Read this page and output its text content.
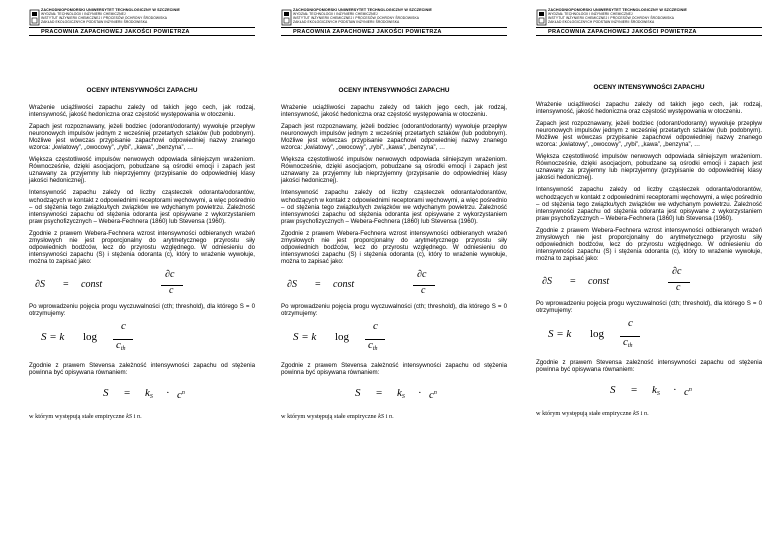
ZACHODNIOPOMORSKI UNIWERSYTET TECHNOLOGICZNY W SZCZECINIE
WYDZIAŁ TECHNOLOGII I INŻYNIERII CHEMICZNEJ
INSTYTUT INŻYNIERII CHEMICZNEJ I PROCESÓW OCHRONY ŚRODOWISKA
ZAKŁAD EKOLOGICZNYCH PODSTAW INŻYNIERII ŚRODOWISKA
PRACOWNIA ZAPACHOWEJ JAKOŚCI POWIETRZA
OCENY INTENSYWNOŚCI ZAPACHU

Wrażenie uciążliwości zapachu zależy od takich jego cech, jak rodzaj, intensywność, jakość hedoniczna oraz częstość występowania w otoczeniu.

Zapach jest rozpoznawany, jeżeli bodziec (odorant/odoranty) wywołuje przepływ neuronowych impulsów jednym z wcześniej przetartych szlaków (lub podobnym). Możliwe jest wówczas przypisanie zapachowi odpowiedniej nazwy znanego wzorca: „kwiatowy”, „owocowy”, „rybi”, „kawa”, „benzyna”, …

Większa częstotliwość impulsów nerwowych odpowiada silniejszym wrażeniom. Równocześnie, dzięki asocjacjom, pobudzane są ośrodki emocji i zapach jest uznawany za przyjemny lub nieprzyjemny (przypisanie do odpowiedniej klasy jakości hedonicznej).

Intensywność zapachu zależy od liczby cząsteczek odoranta/odorantów, wchodzących w kontakt z odpowiednimi receptorami węchowymi, a więc pośrednio – od stężenia tego związku/tych związków we wdychanym powietrzu. Zależność intensywności zapachu od stężenia odoranta jest opisywane z wykorzystaniem praw psychofizycznych – Webera-Fechnera (1860) lub Stevensa (1960).

Zgodnie z prawem Webera-Fechnera wzrost intensywności odbieranych wrażeń zmysłowych nie jest proporcjonalny do arytmetycznego przyrostu siły odpowiednich bodźców, lecz do przyrostu względnego. W odniesieniu do intensywności zapachu (S) i stężenia odoranta (c), który to wrażenie wywołuje, można to zapisać jako:

∂S = const
∂c
c

Po wprowadzeniu pojęcia progu wyczuwalności (cth; threshold), dla którego S = 0 otrzymujemy:

S = k log
c
$c_{th}$

Zgodnie z prawem Stevensa zależność intensywności zapachu od stężenia powinna być opisywana równaniem:

$S = k_S \cdot c^n$
w którym występują stałe empiryczne kS i n.
ZACHODNIOPOMORSKI UNIWERSYTET TECHNOLOGICZNY W SZCZECINIE
WYDZIAŁ TECHNOLOGII I INŻYNIERII CHEMICZNEJ
INSTYTUT INŻYNIERII CHEMICZNEJ I PROCESÓW OCHRONY ŚRODOWISKA
ZAKŁAD EKOLOGICZNYCH PODSTAW INŻYNIERII ŚRODOWISKA
PRACOWNIA ZAPACHOWEJ JAKOŚCI POWIETRZA
OCENY INTENSYWNOŚCI ZAPACHU

Wrażenie uciążliwości zapachu zależy od takich jego cech, jak rodzaj, intensywność, jakość hedoniczna oraz częstość występowania w otoczeniu.

Zapach jest rozpoznawany, jeżeli bodziec (odorant/odoranty) wywołuje przepływ neuronowych impulsów jednym z wcześniej przetartych szlaków (lub podobnym). Możliwe jest wówczas przypisanie zapachowi odpowiedniej nazwy znanego wzorca: „kwiatowy”, „owocowy”, „rybi”, „kawa”, „benzyna”, …

Większa częstotliwość impulsów nerwowych odpowiada silniejszym wrażeniom. Równocześnie, dzięki asocjacjom, pobudzane są ośrodki emocji i zapach jest uznawany za przyjemny lub nieprzyjemny (przypisanie do odpowiedniej klasy jakości hedonicznej).

Intensywność zapachu zależy od liczby cząsteczek odoranta/odorantów, wchodzących w kontakt z odpowiednimi receptorami węchowymi, a więc pośrednio – od stężenia tego związku/tych związków we wdychanym powietrzu. Zależność intensywności zapachu od stężenia odoranta jest opisywane z wykorzystaniem praw psychofizycznych – Webera-Fechnera (1860) lub Stevensa (1960).

Zgodnie z prawem Webera-Fechnera wzrost intensywności odbieranych wrażeń zmysłowych nie jest proporcjonalny do arytmetycznego przyrostu siły odpowiednich bodźców, lecz do przyrostu względnego. W odniesieniu do intensywności zapachu (S) i stężenia odoranta (c), który to wrażenie wywołuje, można to zapisać jako:

∂S = const
∂c
c

Po wprowadzeniu pojęcia progu wyczuwalności (cth; threshold), dla którego S = 0 otrzymujemy:

S = k log
c
$c_{th}$

Zgodnie z prawem Stevensa zależność intensywności zapachu od stężenia powinna być opisywana równaniem:

$S = k_S \cdot c^n$
w którym występują stałe empiryczne kS i n.
ZACHODNIOPOMORSKI UNIWERSYTET TECHNOLOGICZNY W SZCZECINIE
WYDZIAŁ TECHNOLOGII I INŻYNIERII CHEMICZNEJ
INSTYTUT INŻYNIERII CHEMICZNEJ I PROCESÓW OCHRONY ŚRODOWISKA
ZAKŁAD EKOLOGICZNYCH PODSTAW INŻYNIERII ŚRODOWISKA
PRACOWNIA ZAPACHOWEJ JAKOŚCI POWIETRZA
OCENY INTENSYWNOŚCI ZAPACHU

Wrażenie uciążliwości zapachu zależy od takich jego cech, jak rodzaj, intensywność, jakość hedoniczna oraz częstość występowania w otoczeniu.

Zapach jest rozpoznawany, jeżeli bodziec (odorant/odoranty) wywołuje przepływ neuronowych impulsów jednym z wcześniej przetartych szlaków (lub podobnym). Możliwe jest wówczas przypisanie zapachowi odpowiedniej nazwy znanego wzorca: „kwiatowy”, „owocowy”, „rybi”, „kawa”, „benzyna”, …

Większa częstotliwość impulsów nerwowych odpowiada silniejszym wrażeniom. Równocześnie, dzięki asocjacjom, pobudzane są ośrodki emocji i zapach jest uznawany za przyjemny lub nieprzyjemny (przypisanie do odpowiedniej klasy jakości hedonicznej).

Intensywność zapachu zależy od liczby cząsteczek odoranta/odorantów, wchodzących w kontakt z odpowiednimi receptorami węchowymi, a więc pośrednio – od stężenia tego związku/tych związków we wdychanym powietrzu. Zależność intensywności zapachu od stężenia odoranta jest opisywane z wykorzystaniem praw psychofizycznych – Webera-Fechnera (1860) lub Stevensa (1960).

Zgodnie z prawem Webera-Fechnera wzrost intensywności odbieranych wrażeń zmysłowych nie jest proporcjonalny do arytmetycznego przyrostu siły odpowiednich bodźców, lecz do przyrostu względnego. W odniesieniu do intensywności zapachu (S) i stężenia odoranta (c), który to wrażenie wywołuje, można to zapisać jako:

∂S = const
∂c
c

Po wprowadzeniu pojęcia progu wyczuwalności (cth; threshold), dla którego S = 0 otrzymujemy:

S = k log
c
$c_{th}$

Zgodnie z prawem Stevensa zależność intensywności zapachu od stężenia powinna być opisywana równaniem:

$S = k_S \cdot c^n$
w którym występują stałe empiryczne kS i n.
